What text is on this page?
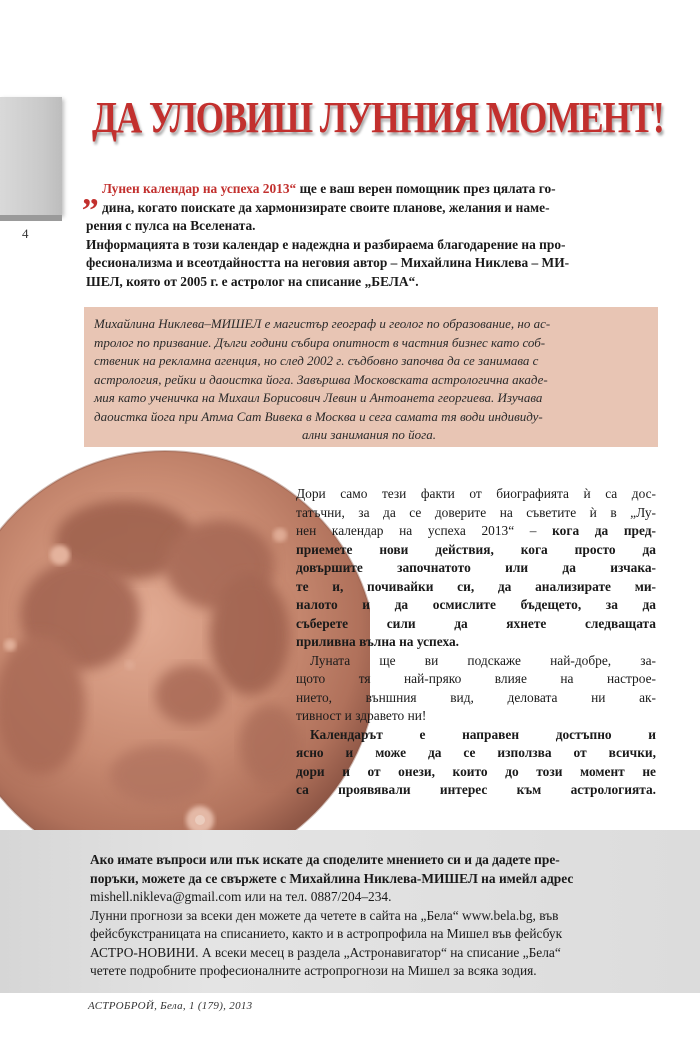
4
ДА УЛОВИШ ЛУННИЯ МОМЕНТ!
„ Лунен календар на успеха 2013“ ще е ваш верен помощник през цялата го-

дина, когато поискате да хармонизирате своите планове, желания и наме-

рения с пулса на Вселената.

Информацията в този календар е надеждна и разбираема благодарение на про-

фесионализма и всеотдайността на неговия автор – Михайлина Никлева – МИ-

ШЕЛ, която от 2005 г. е астролог на списание „БЕЛА“.

Михайлина Никлева–МИШЕЛ е магистър географ и геолог по образование, но ас-
тролог по призвание. Дълги години събира опитност в частния бизнес като соб-
ственик на рекламна агенция, но след 2002 г. съдбовно започва да се занимава с
астрология, рейки и даоистка йога. Завършва Московската астрологична акаде-
мия като ученичка на Михаил Борисович Левин и Антоанета георгиева. Изучава
даоистка йога при Атма Сат Вивека в Москва и сега самата тя води индивиду-
ални занимания по йога.
Дори само тези факти от биографията ѝ са дос-
татъчни, за да се доверите на съветите ѝ в „Лу-
нен календар на успеха 2013“ – кога да пред-
приемете нови действия, кога просто да
довършите започнатото или да изчака-
те и, почивайки си, да анализирате ми-
налото и да осмислите бъдещето, за да
съберете сили да яхнете следващата
приливна вълна на успеха.
Луната ще ви подскаже най-добре, за-
щото тя най-пряко влияе на настрое-
нието, външния вид, деловата ни ак-
тивност и здравето ни!
Календарът е направен достъпно и
ясно и може да се използва от всички,
дори и от онези, които до този момент не
са проявявали интерес към астрологията.
Ако имате въпроси или пък искате да споделите мнението си и да дадете пре-
поръки, можете да се свържете с Михайлина Никлева-МИШЕЛ на имейл адрес
mishell.nikleva@gmail.com или на тел. 0887/204–234.
Лунни прогнози за всеки ден можете да четете в сайта на „Бела“ www.bela.bg, във
фейсбукстраницата на списанието, както и в астропрофила на Мишел във фейсбук
АСТРО-НОВИНИ. А всеки месец в раздела „Астронавигатор“ на списание „Бела“
четете подробните професионалните астропрогнози на Мишел за всяка зодия.
АСТРОБРОЙ, Бела, 1 (179), 2013
